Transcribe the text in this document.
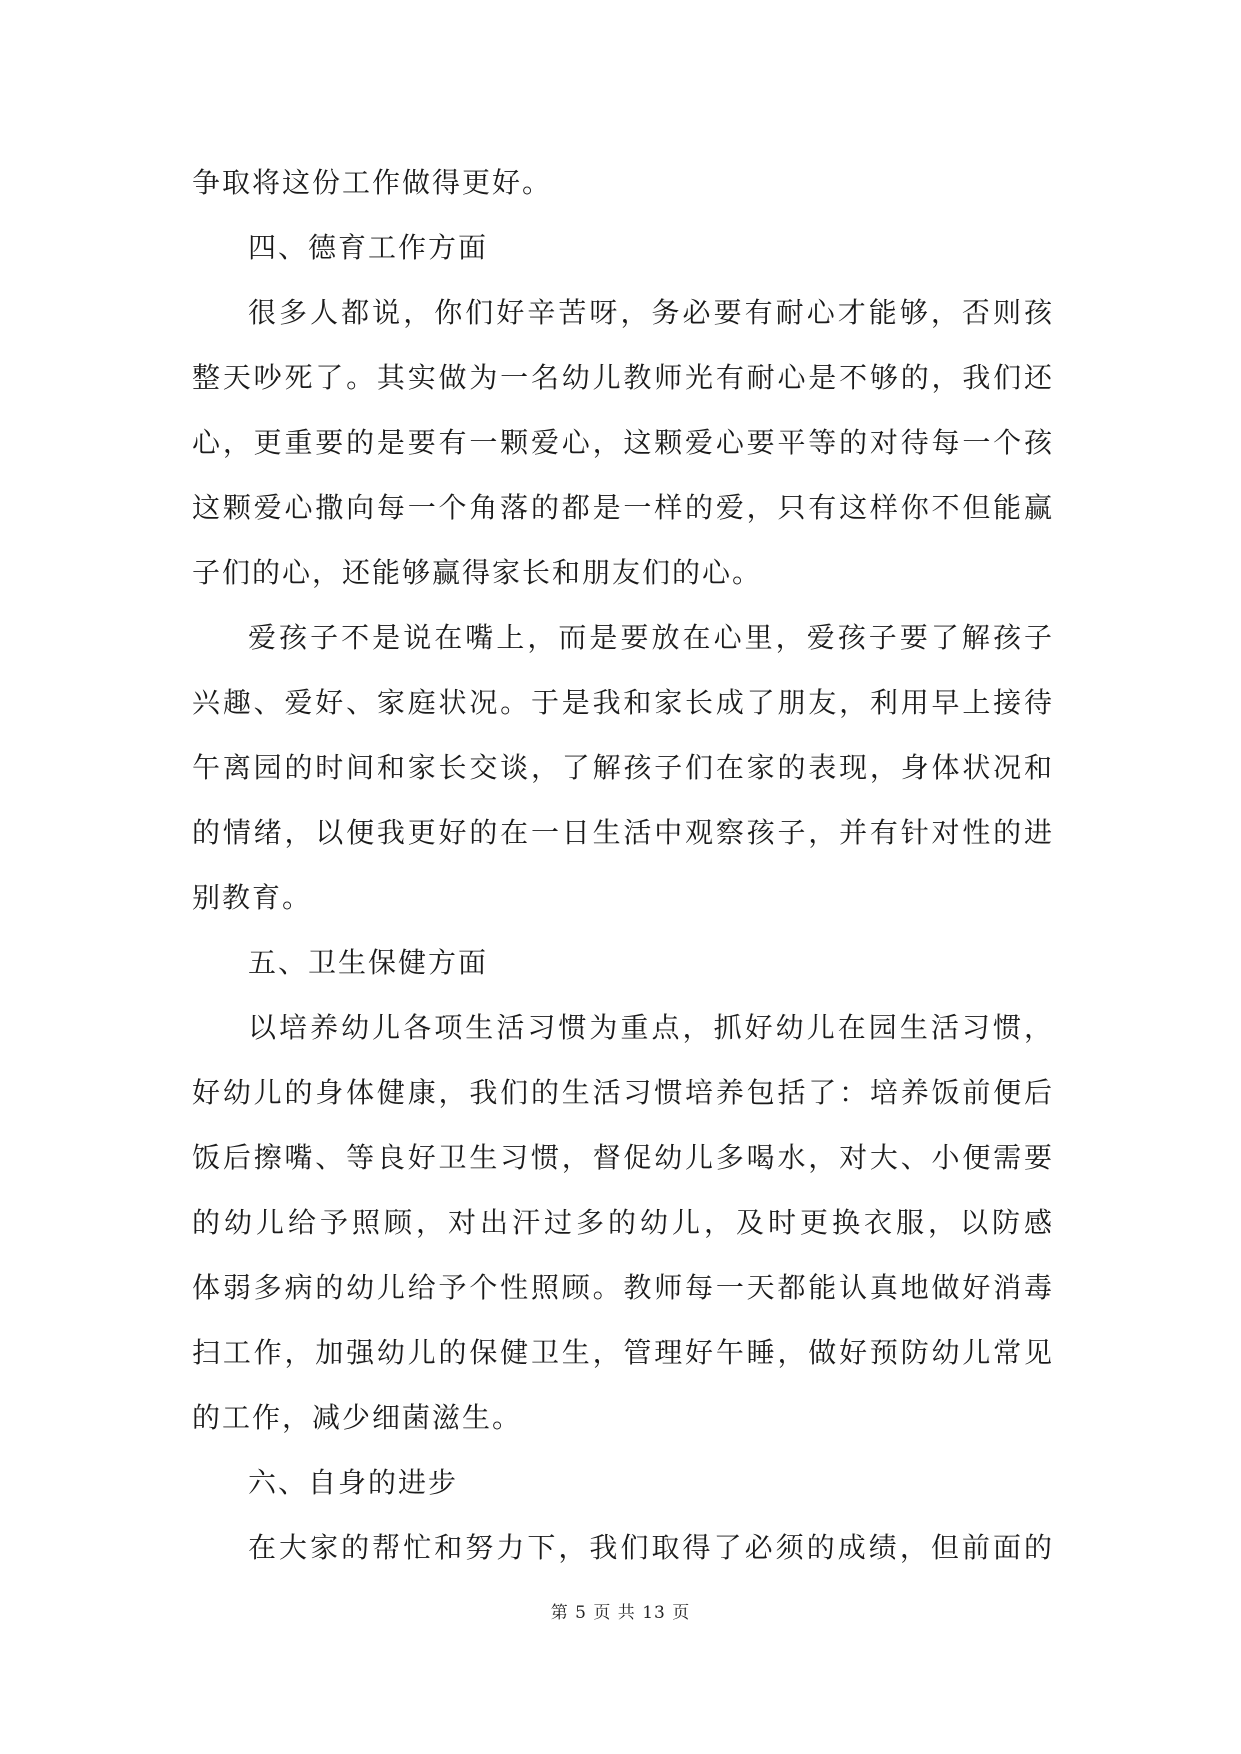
争取将这份工作做得更好。
四、德育工作方面
很多人都说，你们好辛苦呀，务必要有耐心才能够，否则孩
整天吵死了。其实做为一名幼儿教师光有耐心是不够的，我们还
心，更重要的是要有一颗爱心，这颗爱心要平等的对待每一个孩
这颗爱心撒向每一个角落的都是一样的爱，只有这样你不但能赢
子们的心，还能够赢得家长和朋友们的心。
爱孩子不是说在嘴上，而是要放在心里，爱孩子要了解孩子
兴趣、爱好、家庭状况。于是我和家长成了朋友，利用早上接待
午离园的时间和家长交谈，了解孩子们在家的表现，身体状况和
的情绪，以便我更好的在一日生活中观察孩子，并有针对性的进
别教育。
五、卫生保健方面
以培养幼儿各项生活习惯为重点，抓好幼儿在园生活习惯，
好幼儿的身体健康，我们的生活习惯培养包括了：培养饭前便后
饭后擦嘴、等良好卫生习惯，督促幼儿多喝水，对大、小便需要
的幼儿给予照顾，对出汗过多的幼儿，及时更换衣服，以防感
体弱多病的幼儿给予个性照顾。教师每一天都能认真地做好消毒
扫工作，加强幼儿的保健卫生，管理好午睡，做好预防幼儿常见
的工作，减少细菌滋生。
六、自身的进步
在大家的帮忙和努力下，我们取得了必须的成绩，但前面的
第 5 页 共 13 页
